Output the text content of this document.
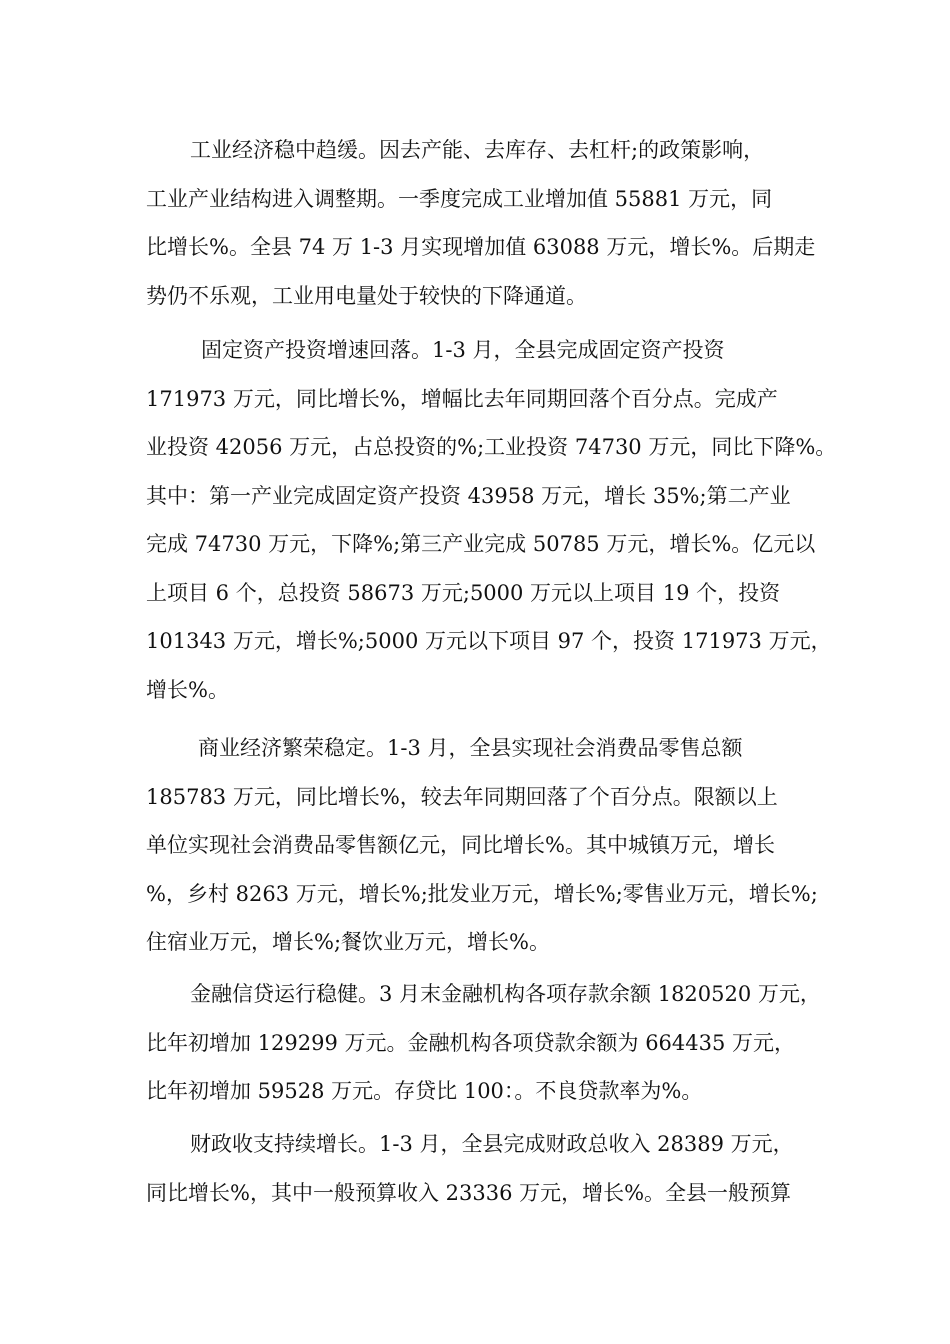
工业经济稳中趋缓。因去产能、去库存、去杠杆;的政策影响，
工业产业结构进入调整期。一季度完成工业增加值 55881 万元，同
比增长%。全县 74 万 1-3 月实现增加值 63088 万元，增长%。后期走
势仍不乐观，工业用电量处于较快的下降通道。
固定资产投资增速回落。1-3 月，全县完成固定资产投资
171973 万元，同比增长%，增幅比去年同期回落个百分点。完成产
业投资 42056 万元，占总投资的%;工业投资 74730 万元，同比下降%。
其中：第一产业完成固定资产投资 43958 万元，增长 35%;第二产业
完成 74730 万元，下降%;第三产业完成 50785 万元，增长%。亿元以
上项目 6 个，总投资 58673 万元;5000 万元以上项目 19 个，投资
101343 万元，增长%;5000 万元以下项目 97 个，投资 171973 万元，
增长%。
商业经济繁荣稳定。1-3 月，全县实现社会消费品零售总额
185783 万元，同比增长%，较去年同期回落了个百分点。限额以上
单位实现社会消费品零售额亿元，同比增长%。其中城镇万元，增长
%，乡村 8263 万元，增长%;批发业万元，增长%;零售业万元，增长%;
住宿业万元，增长%;餐饮业万元，增长%。
金融信贷运行稳健。3 月末金融机构各项存款余额 1820520 万元，
比年初增加 129299 万元。金融机构各项贷款余额为 664435 万元，
比年初增加 59528 万元。存贷比 100：。不良贷款率为%。
财政收支持续增长。1-3 月，全县完成财政总收入 28389 万元，
同比增长%，其中一般预算收入 23336 万元，增长%。全县一般预算
